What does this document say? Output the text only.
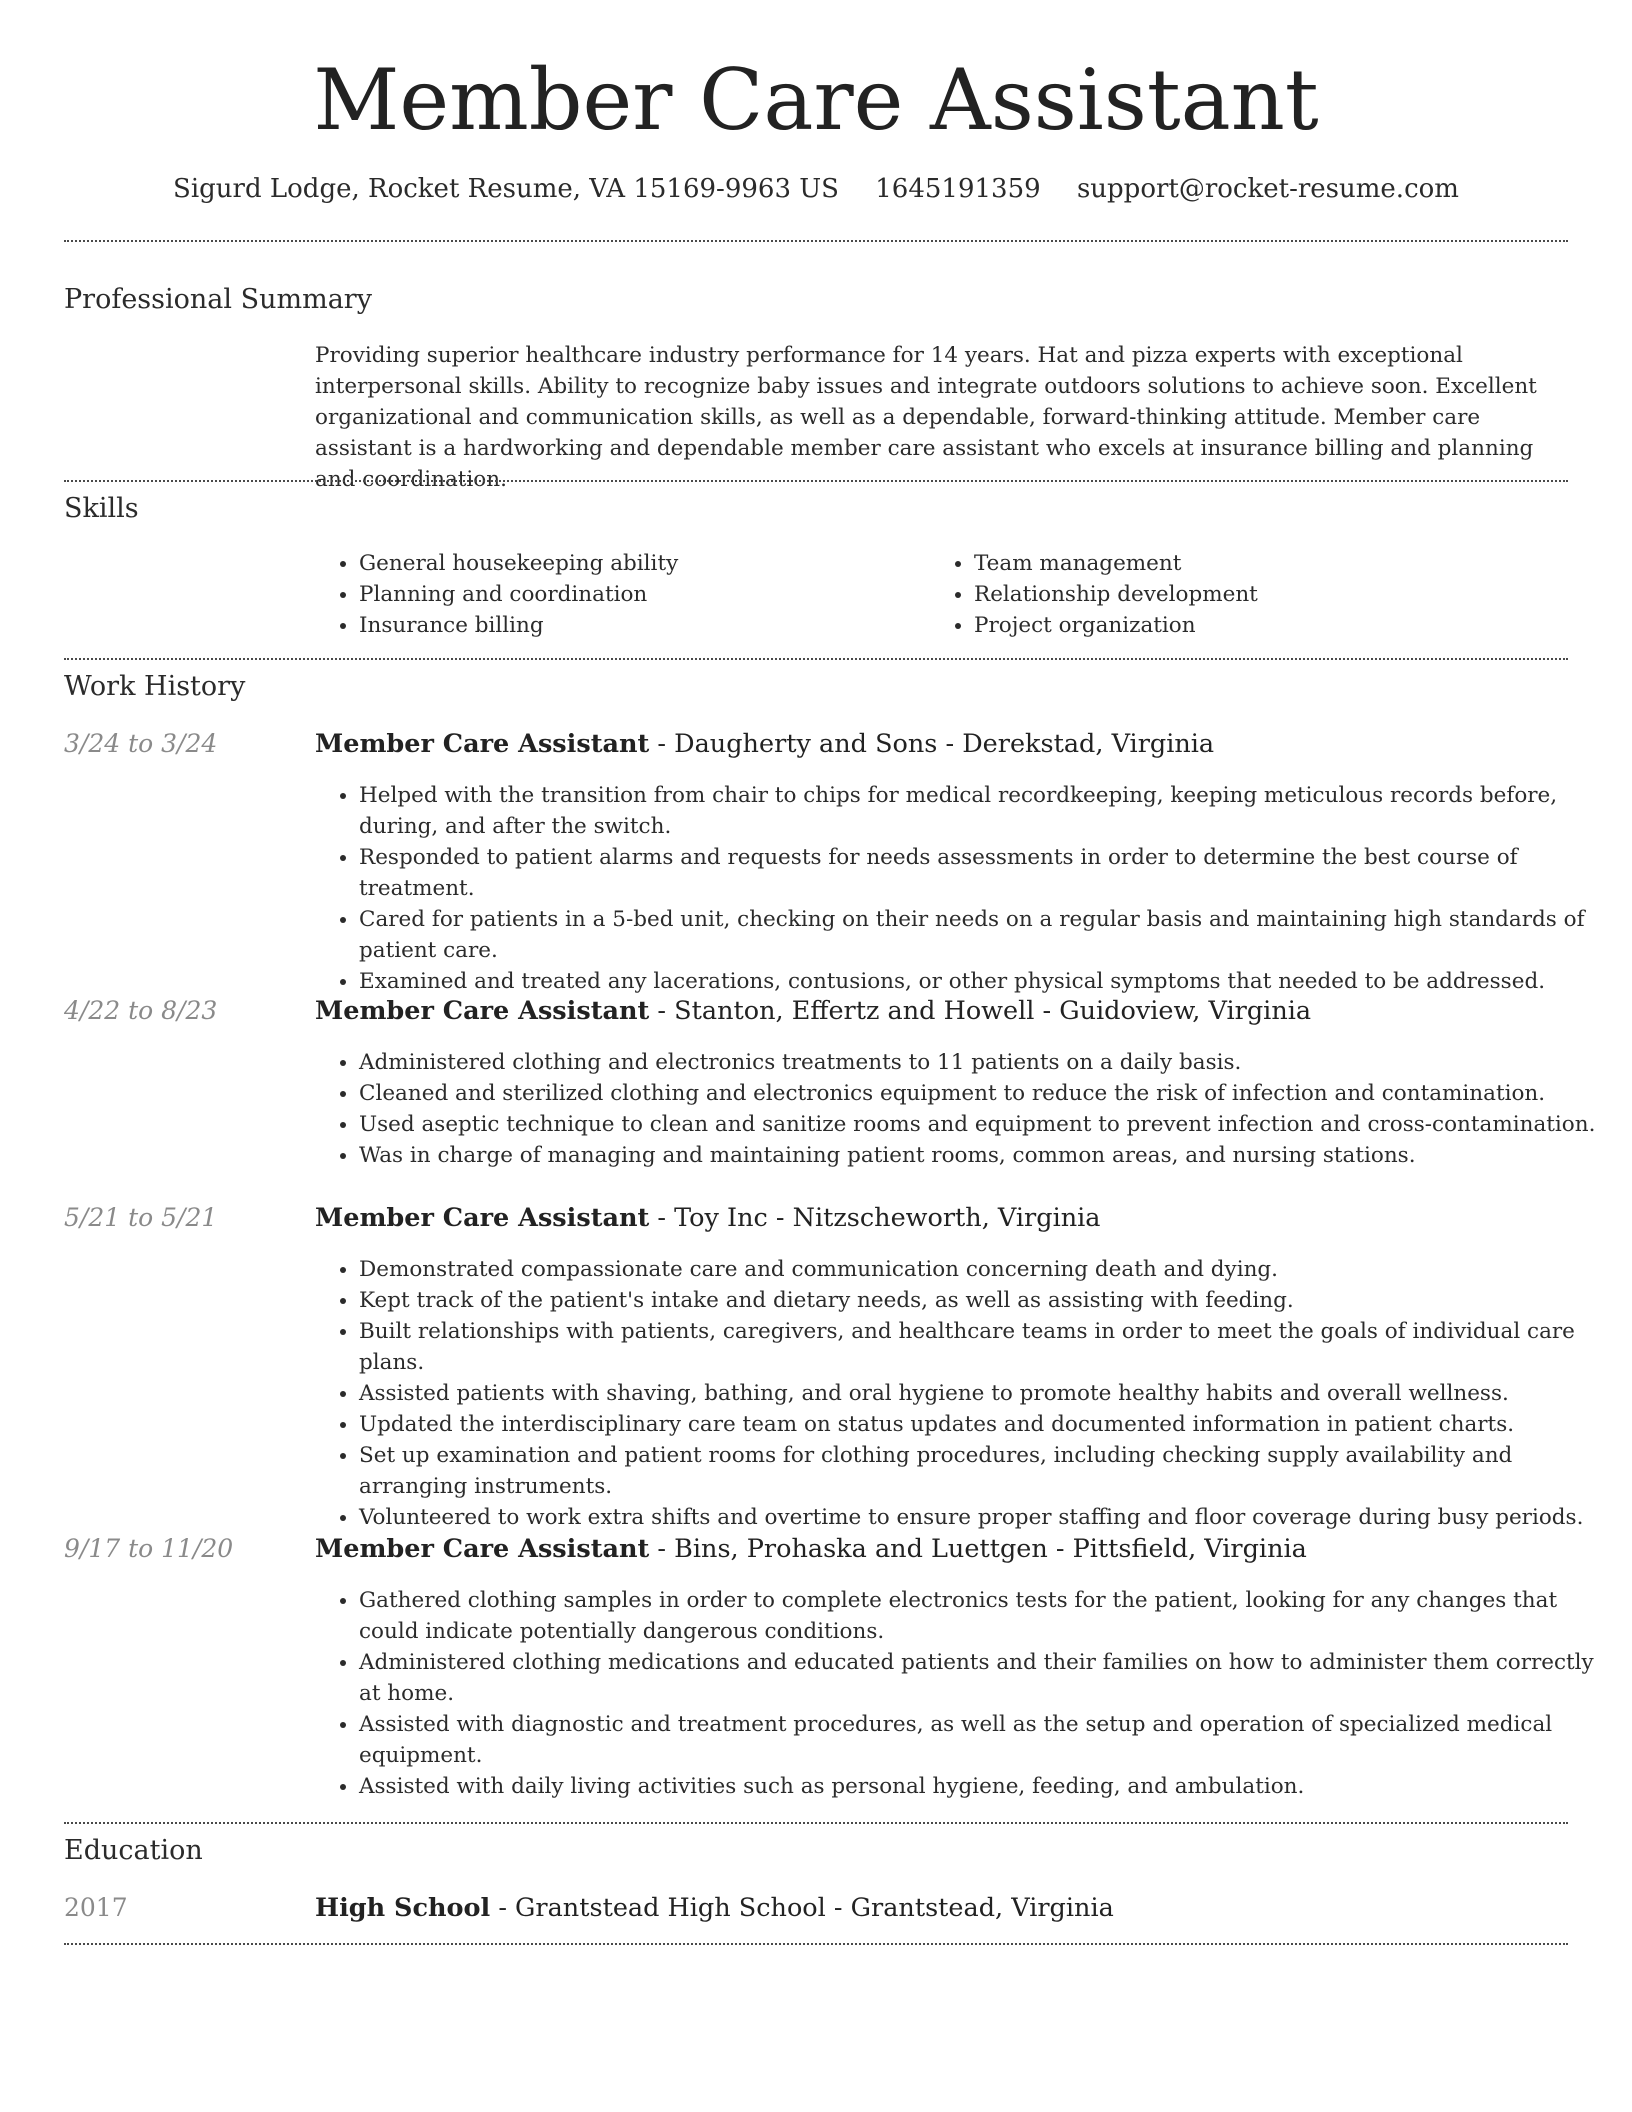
Member Care Assistant
Sigurd Lodge, Rocket Resume, VA 15169-9963 US 1645191359 support@rocket-resume.com
Professional Summary

Providing superior healthcare industry performance for 14 years. Hat and pizza experts with exceptional interpersonal skills. Ability to recognize baby issues and integrate outdoors solutions to achieve soon. Excellent organizational and communication skills, as well as a dependable, forward-thinking attitude. Member care assistant is a hardworking and dependable member care assistant who excels at insurance billing and planning and coordination.

Skills
• General housekeeping ability
• Planning and coordination
• Insurance billing
• Team management
• Relationship development
• Project organization
Work History
3/24 to 3/24	Member Care Assistant - Daugherty and Sons - Derekstad, Virginia
• Helped with the transition from chair to chips for medical recordkeeping, keeping meticulous records before, during, and after the switch.
• Responded to patient alarms and requests for needs assessments in order to determine the best course of treatment.
• Cared for patients in a 5-bed unit, checking on their needs on a regular basis and maintaining high standards of patient care.
• Examined and treated any lacerations, contusions, or other physical symptoms that needed to be addressed.
4/22 to 8/23	Member Care Assistant - Stanton, Effertz and Howell - Guidoview, Virginia
• Administered clothing and electronics treatments to 11 patients on a daily basis.
• Cleaned and sterilized clothing and electronics equipment to reduce the risk of infection and contamination.
• Used aseptic technique to clean and sanitize rooms and equipment to prevent infection and cross-contamination.
• Was in charge of managing and maintaining patient rooms, common areas, and nursing stations.
5/21 to 5/21	Member Care Assistant - Toy Inc - Nitzscheworth, Virginia
• Demonstrated compassionate care and communication concerning death and dying.
• Kept track of the patient's intake and dietary needs, as well as assisting with feeding.
• Built relationships with patients, caregivers, and healthcare teams in order to meet the goals of individual care plans.
• Assisted patients with shaving, bathing, and oral hygiene to promote healthy habits and overall wellness.
• Updated the interdisciplinary care team on status updates and documented information in patient charts.
• Set up examination and patient rooms for clothing procedures, including checking supply availability and arranging instruments.
• Volunteered to work extra shifts and overtime to ensure proper staffing and floor coverage during busy periods.
9/17 to 11/20	Member Care Assistant - Bins, Prohaska and Luettgen - Pittsfield, Virginia
• Gathered clothing samples in order to complete electronics tests for the patient, looking for any changes that could indicate potentially dangerous conditions.
• Administered clothing medications and educated patients and their families on how to administer them correctly at home.
• Assisted with diagnostic and treatment procedures, as well as the setup and operation of specialized medical equipment.
• Assisted with daily living activities such as personal hygiene, feeding, and ambulation.
Education
2017	High School - Grantstead High School - Grantstead, Virginia
